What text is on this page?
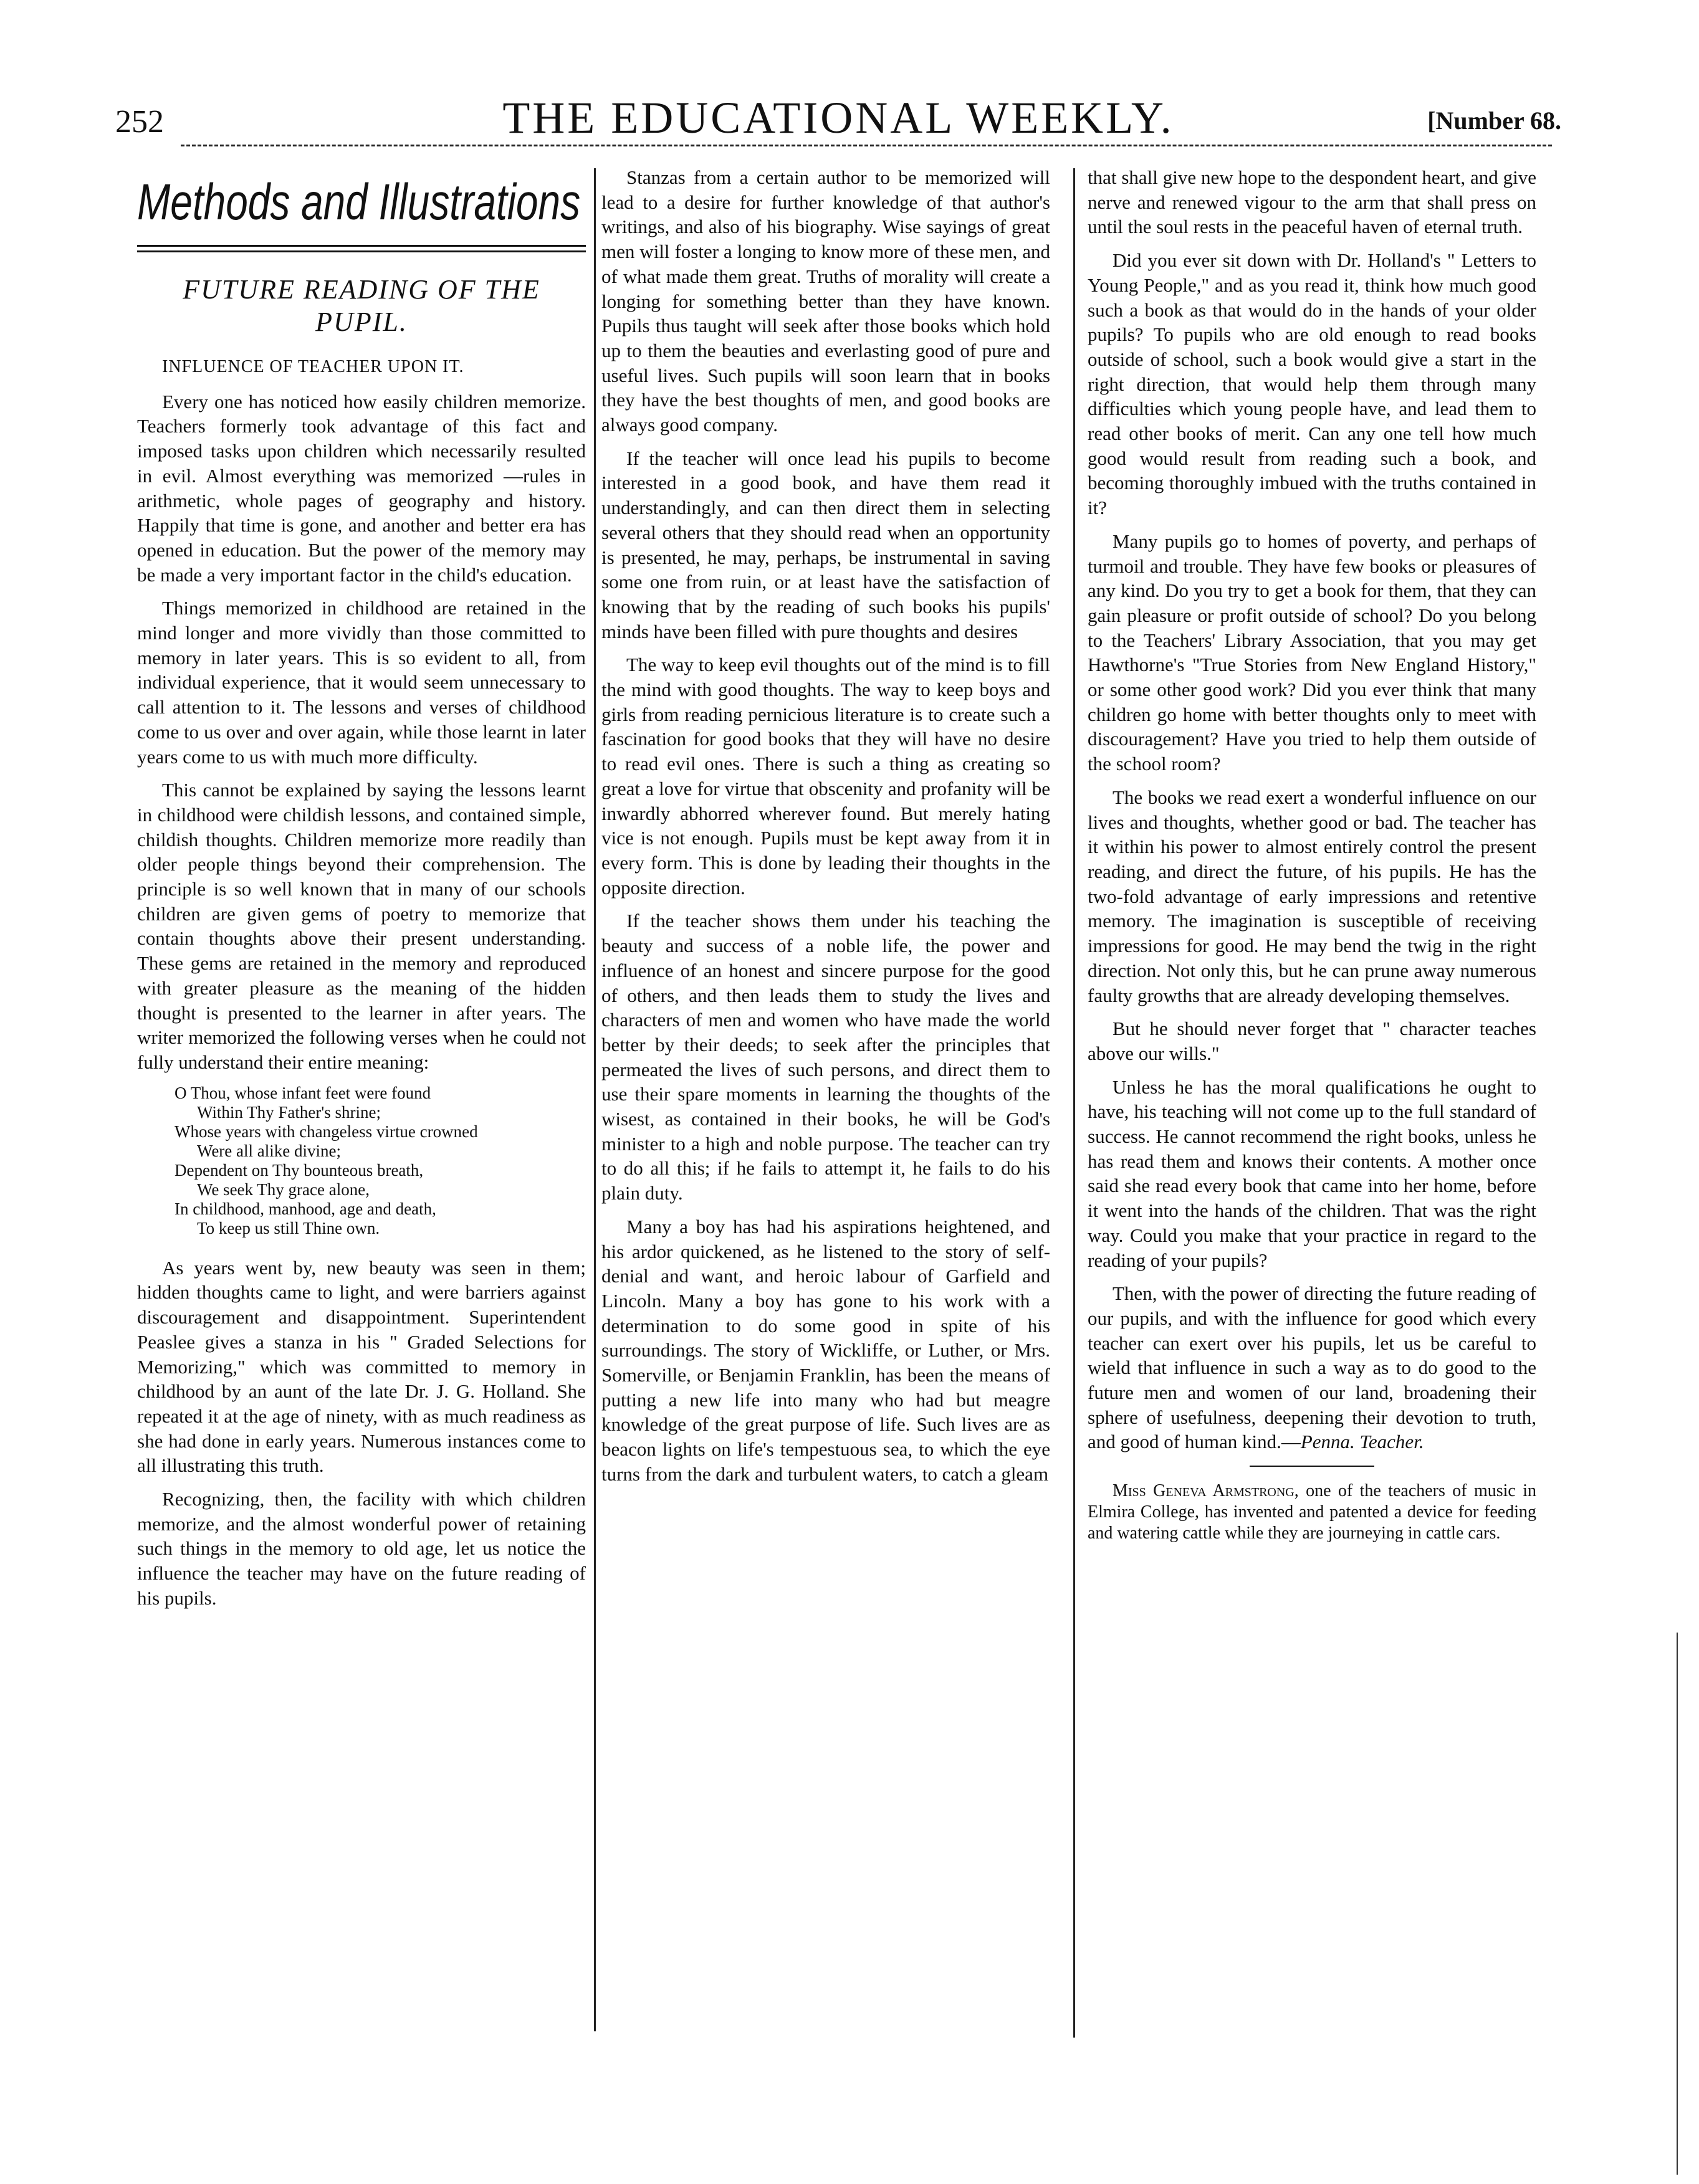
252	THE EDUCATIONAL WEEKLY.	[Number 68.
Methods and Illustrations
FUTURE READING OF THE
PUPIL.
INFLUENCE OF TEACHER UPON IT.

Every one has noticed how easily children memorize. Teachers formerly took advantage of this fact and imposed tasks upon children which necessarily resulted in evil. Almost everything was memorized —rules in arithmetic, whole pages of geography and history. Happily that time is gone, and another and better era has opened in education. But the power of the memory may be made a very important factor in the child's education.

Things memorized in childhood are retained in the mind longer and more vividly than those committed to memory in later years. This is so evident to all, from individual experience, that it would seem unnecessary to call attention to it. The lessons and verses of childhood come to us over and over again, while those learnt in later years come to us with much more difficulty.

This cannot be explained by saying the lessons learnt in childhood were childish lessons, and contained simple, childish thoughts. Children memorize more readily than older people things beyond their comprehension. The principle is so well known that in many of our schools children are given gems of poetry to memorize that contain thoughts above their present understanding. These gems are retained in the memory and reproduced with greater pleasure as the meaning of the hidden thought is presented to the learner in after years. The writer memorized the following verses when he could not fully understand their entire meaning:

O Thou, whose infant feet were found
Within Thy Father's shrine;
Whose years with changeless virtue crowned
Were all alike divine;
Dependent on Thy bounteous breath,
We seek Thy grace alone,
In childhood, manhood, age and death,
To keep us still Thine own.

As years went by, new beauty was seen in them; hidden thoughts came to light, and were barriers against discouragement and disappointment. Superintendent Peaslee gives a stanza in his " Graded Selections for Memorizing," which was committed to memory in childhood by an aunt of the late Dr. J. G. Holland. She repeated it at the age of ninety, with as much readiness as she had done in early years. Numerous instances come to all illustrating this truth.

Recognizing, then, the facility with which children memorize, and the almost wonderful power of retaining such things in the memory to old age, let us notice the influence the teacher may have on the future reading of his pupils.

Stanzas from a certain author to be memorized will lead to a desire for further knowledge of that author's writings, and also of his biography. Wise sayings of great men will foster a longing to know more of these men, and of what made them great. Truths of morality will create a longing for something better than they have known. Pupils thus taught will seek after those books which hold up to them the beauties and everlasting good of pure and useful lives. Such pupils will soon learn that in books they have the best thoughts of men, and good books are always good company.

If the teacher will once lead his pupils to become interested in a good book, and have them read it understandingly, and can then direct them in selecting several others that they should read when an opportunity is presented, he may, perhaps, be instrumental in saving some one from ruin, or at least have the satisfaction of knowing that by the reading of such books his pupils' minds have been filled with pure thoughts and desires

The way to keep evil thoughts out of the mind is to fill the mind with good thoughts. The way to keep boys and girls from reading pernicious literature is to create such a fascination for good books that they will have no desire to read evil ones. There is such a thing as creating so great a love for virtue that obscenity and profanity will be inwardly abhorred wherever found. But merely hating vice is not enough. Pupils must be kept away from it in every form. This is done by leading their thoughts in the opposite direction.

If the teacher shows them under his teaching the beauty and success of a noble life, the power and influence of an honest and sincere purpose for the good of others, and then leads them to study the lives and characters of men and women who have made the world better by their deeds; to seek after the principles that permeated the lives of such persons, and direct them to use their spare moments in learning the thoughts of the wisest, as contained in their books, he will be God's minister to a high and noble purpose. The teacher can try to do all this; if he fails to attempt it, he fails to do his plain duty.

Many a boy has had his aspirations heightened, and his ardor quickened, as he listened to the story of self-denial and want, and heroic labour of Garfield and Lincoln. Many a boy has gone to his work with a determination to do some good in spite of his surroundings. The story of Wickliffe, or Luther, or Mrs. Somerville, or Benjamin Franklin, has been the means of putting a new life into many who had but meagre knowledge of the great purpose of life. Such lives are as beacon lights on life's tempestuous sea, to which the eye turns from the dark and turbulent waters, to catch a gleam

that shall give new hope to the despondent heart, and give nerve and renewed vigour to the arm that shall press on until the soul rests in the peaceful haven of eternal truth.

Did you ever sit down with Dr. Holland's " Letters to Young People," and as you read it, think how much good such a book as that would do in the hands of your older pupils? To pupils who are old enough to read books outside of school, such a book would give a start in the right direction, that would help them through many difficulties which young people have, and lead them to read other books of merit. Can any one tell how much good would result from reading such a book, and becoming thoroughly imbued with the truths contained in it?

Many pupils go to homes of poverty, and perhaps of turmoil and trouble. They have few books or pleasures of any kind. Do you try to get a book for them, that they can gain pleasure or profit outside of school? Do you belong to the Teachers' Library Association, that you may get Hawthorne's "True Stories from New England History," or some other good work? Did you ever think that many children go home with better thoughts only to meet with discouragement? Have you tried to help them outside of the school room?

The books we read exert a wonderful influence on our lives and thoughts, whether good or bad. The teacher has it within his power to almost entirely control the present reading, and direct the future, of his pupils. He has the two-fold advantage of early impressions and retentive memory. The imagination is susceptible of receiving impressions for good. He may bend the twig in the right direction. Not only this, but he can prune away numerous faulty growths that are already developing themselves.

But he should never forget that " character teaches above our wills."

Unless he has the moral qualifications he ought to have, his teaching will not come up to the full standard of success. He cannot recommend the right books, unless he has read them and knows their contents. A mother once said she read every book that came into her home, before it went into the hands of the children. That was the right way. Could you make that your practice in regard to the reading of your pupils?

Then, with the power of directing the future reading of our pupils, and with the influence for good which every teacher can exert over his pupils, let us be careful to wield that influence in such a way as to do good to the future men and women of our land, broadening their sphere of usefulness, deepening their devotion to truth, and good of human kind.—Penna. Teacher.

Miss Geneva Armstrong, one of the teachers of music in Elmira College, has invented and patented a device for feeding and watering cattle while they are journeying in cattle cars.
